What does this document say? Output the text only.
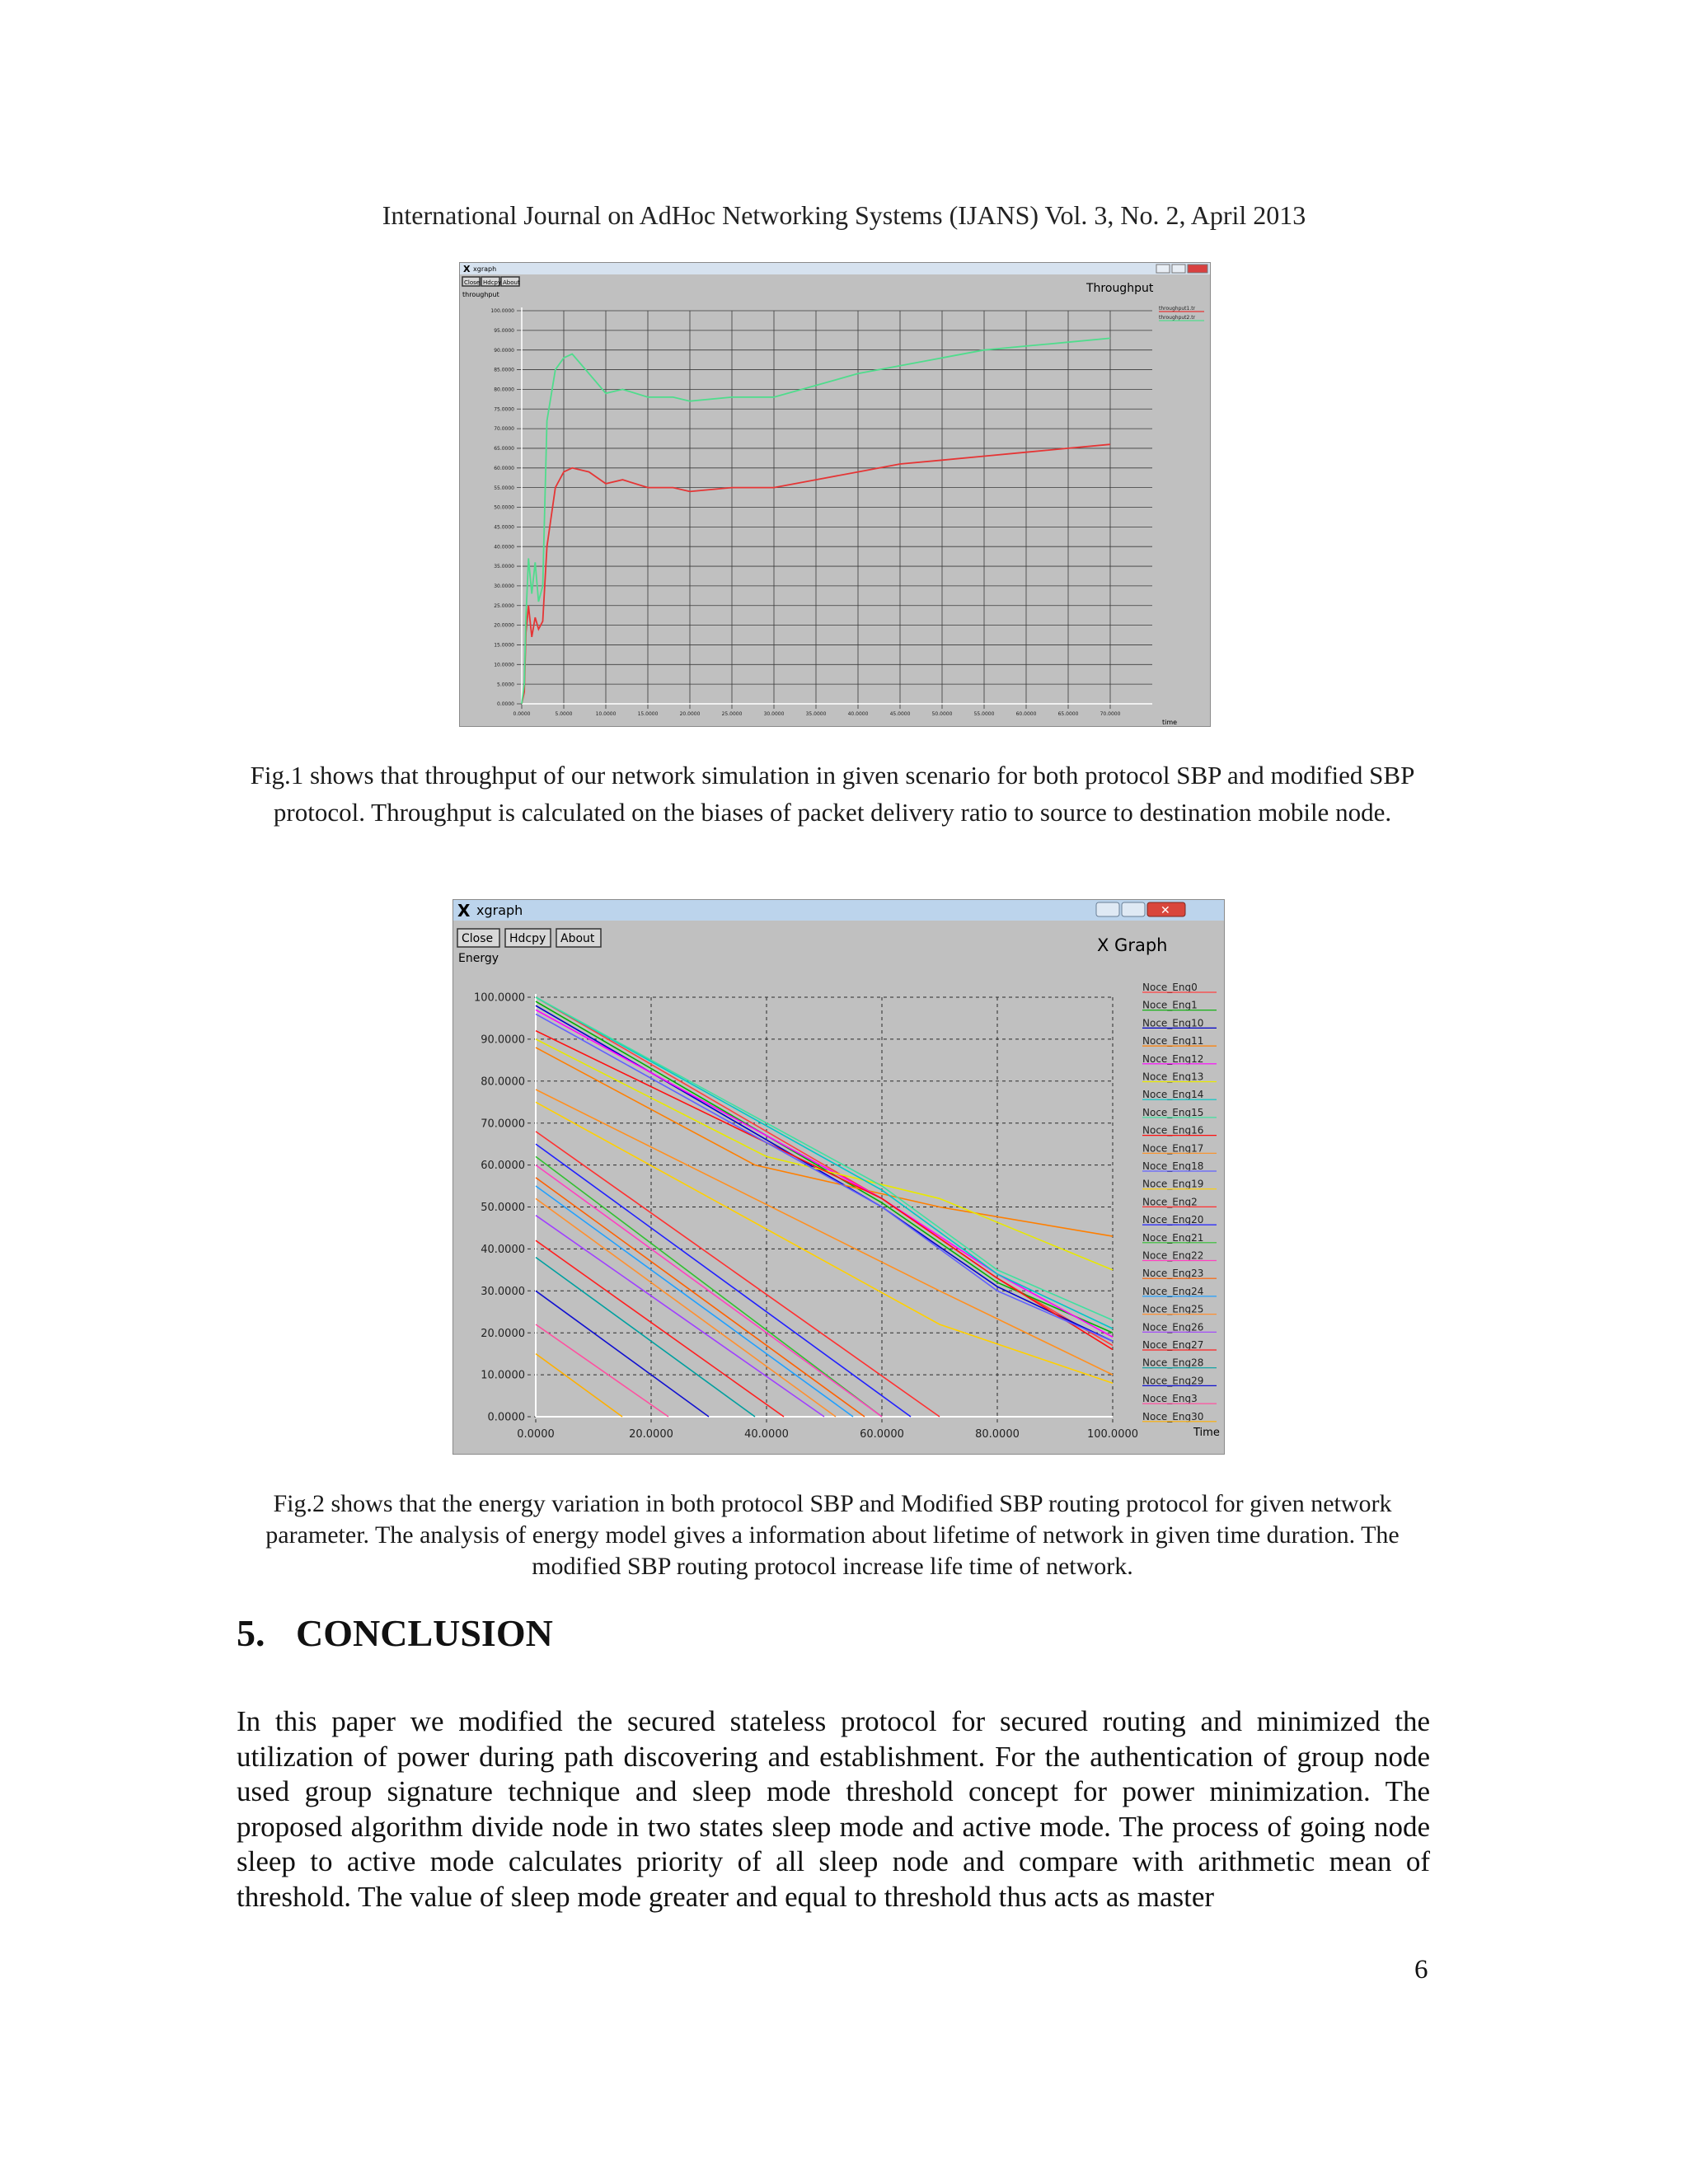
International Journal on AdHoc Networking Systems (IJANS) Vol. 3, No. 2, April 2013
X xgraph
Close Hdcpy About
throughput	Throughput
time
0.0000
5.0000
10.0000
15.0000
20.0000
25.0000
30.0000
35.0000
40.0000
45.0000
50.0000
55.0000
60.0000
65.0000
70.0000
75.0000
80.0000
85.0000
90.0000
95.0000
100.0000
0.0000	5.0000	10.0000	15.0000	20.0000	25.0000	30.0000	35.0000	40.0000	45.0000	50.0000	55.0000	60.0000	65.0000	70.0000
throughput1.tr
throughput2.tr
Fig.1 shows that throughput of our network simulation in given scenario for both protocol SBP and modified SBP protocol. Throughput is calculated on the biases of packet delivery ratio to source to destination mobile node.
X xgraph	✕
Close Hdcpy About
Energy
X Graph
Time
0.0000
10.0000
20.0000
30.0000
40.0000
50.0000
60.0000
70.0000
80.0000
90.0000
100.0000
0.0000	20.0000	40.0000	60.0000	80.0000	100.0000
Noce_Eng0
Noce_Eng1
Noce_Eng10
Noce_Eng11
Noce_Eng12
Noce_Eng13
Noce_Eng14
Noce_Eng15
Noce_Eng16
Noce_Eng17
Noce_Eng18
Noce_Eng19
Noce_Eng2
Noce_Eng20
Noce_Eng21
Noce_Eng22
Noce_Eng23
Noce_Eng24
Noce_Eng25
Noce_Eng26
Noce_Eng27
Noce_Eng28
Noce_Eng29
Noce_Eng3
Noce_Eng30
Fig.2 shows that the energy variation in both protocol SBP and Modified SBP routing protocol for given network parameter. The analysis of energy model gives a information about lifetime of network in given time duration. The modified SBP routing protocol increase life time of network.
5. CONCLUSION
In this paper we modified the secured stateless protocol for secured routing and minimized the utilization of power during path discovering and establishment. For the authentication of group node used group signature technique and sleep mode threshold concept for power minimization. The proposed algorithm divide node in two states sleep mode and active mode. The process of going node sleep to active mode calculates priority of all sleep node and compare with arithmetic mean of threshold. The value of sleep mode greater and equal to threshold thus acts as master
6
